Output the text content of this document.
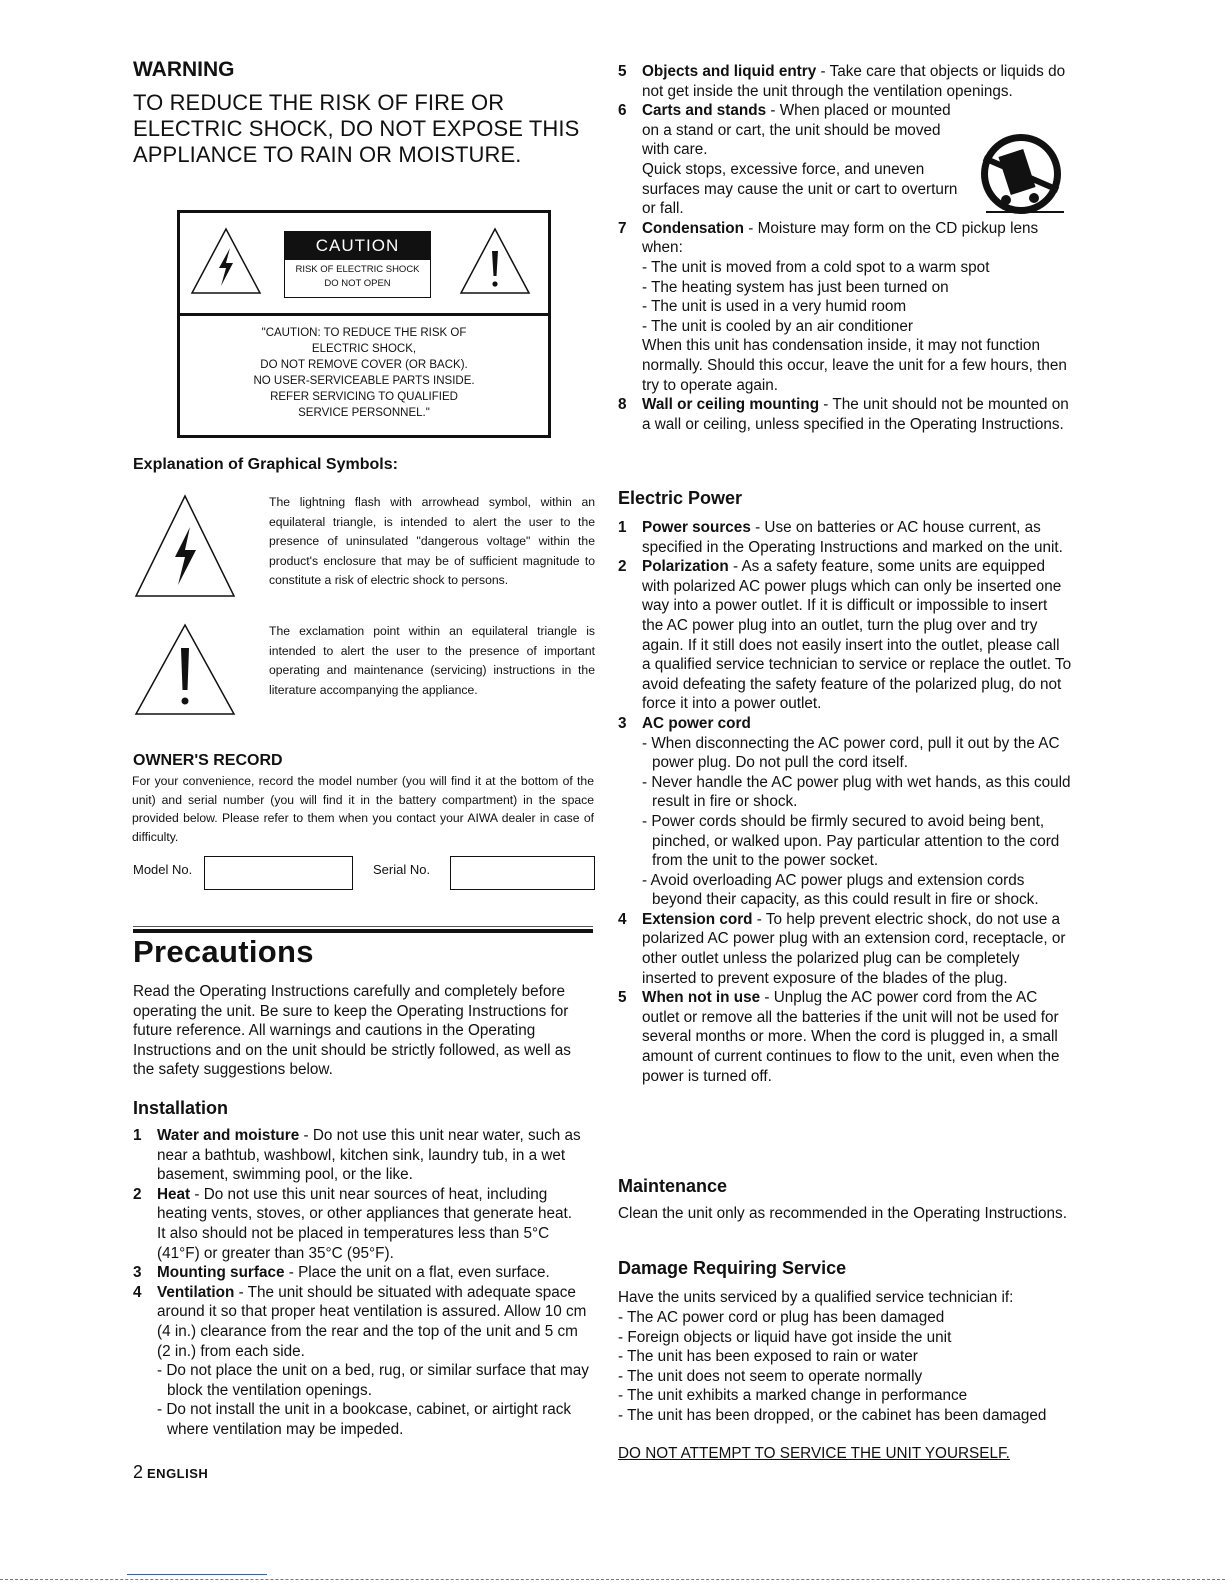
WARNING

TO REDUCE THE RISK OF FIRE OR
ELECTRIC SHOCK, DO NOT EXPOSE THIS
APPLIANCE TO RAIN OR MOISTURE.

CAUTION
RISK OF ELECTRIC SHOCK
DO NOT OPEN
"CAUTION: TO REDUCE THE RISK OF
ELECTRIC SHOCK,
DO NOT REMOVE COVER (OR BACK).
NO USER-SERVICEABLE PARTS INSIDE.
REFER SERVICING TO QUALIFIED
SERVICE PERSONNEL."
Explanation of Graphical Symbols:
The lightning flash with arrowhead symbol, within an equilateral triangle, is intended to alert the user to the presence of uninsulated "dangerous voltage" within the product's enclosure that may be of sufficient magnitude to constitute a risk of electric shock to persons.
The exclamation point within an equilateral triangle is intended to alert the user to the presence of important operating and maintenance (servicing) instructions in the literature accompanying the appliance.
OWNER'S RECORD

For your convenience, record the model number (you will find it at the bottom of the unit) and serial number (you will find it in the battery compartment) in the space provided below. Please refer to them when you contact your AIWA dealer in case of difficulty.

Model No.	Serial No.
Precautions

Read the Operating Instructions carefully and completely before operating the unit. Be sure to keep the Operating Instructions for future reference. All warnings and cautions in the Operating Instructions and on the unit should be strictly followed, as well as the safety suggestions below.

Installation
1 Water and moisture - Do not use this unit near water, such as near a bathtub, washbowl, kitchen sink, laundry tub, in a wet basement, swimming pool, or the like.
2 Heat - Do not use this unit near sources of heat, including heating vents, stoves, or other appliances that generate heat.
It also should not be placed in temperatures less than 5°C (41°F) or greater than 35°C (95°F).
3 Mounting surface - Place the unit on a flat, even surface.
4 Ventilation - The unit should be situated with adequate space around it so that proper heat ventilation is assured. Allow 10 cm (4 in.) clearance from the rear and the top of the unit and 5 cm (2 in.) from each side.
- Do not place the unit on a bed, rug, or similar surface that may block the ventilation openings.
- Do not install the unit in a bookcase, cabinet, or airtight rack where ventilation may be impeded.
5 Objects and liquid entry - Take care that objects or liquids do not get inside the unit through the ventilation openings.
6 Carts and stands - When placed or mounted on a stand or cart, the unit should be moved with care.
Quick stops, excessive force, and uneven surfaces may cause the unit or cart to overturn or fall.
7 Condensation - Moisture may form on the CD pickup lens when:
- The unit is moved from a cold spot to a warm spot
- The heating system has just been turned on
- The unit is used in a very humid room
- The unit is cooled by an air conditioner
When this unit has condensation inside, it may not function normally. Should this occur, leave the unit for a few hours, then try to operate again.
8 Wall or ceiling mounting - The unit should not be mounted on a wall or ceiling, unless specified in the Operating Instructions.
Electric Power
1 Power sources - Use on batteries or AC house current, as specified in the Operating Instructions and marked on the unit.
2 Polarization - As a safety feature, some units are equipped with polarized AC power plugs which can only be inserted one way into a power outlet. If it is difficult or impossible to insert the AC power plug into an outlet, turn the plug over and try again. If it still does not easily insert into the outlet, please call a qualified service technician to service or replace the outlet. To avoid defeating the safety feature of the polarized plug, do not force it into a power outlet.
3 AC power cord
- When disconnecting the AC power cord, pull it out by the AC power plug. Do not pull the cord itself.
- Never handle the AC power plug with wet hands, as this could result in fire or shock.
- Power cords should be firmly secured to avoid being bent, pinched, or walked upon. Pay particular attention to the cord from the unit to the power socket.
- Avoid overloading AC power plugs and extension cords beyond their capacity, as this could result in fire or shock.
4 Extension cord - To help prevent electric shock, do not use a polarized AC power plug with an extension cord, receptacle, or other outlet unless the polarized plug can be completely inserted to prevent exposure of the blades of the plug.
5 When not in use - Unplug the AC power cord from the AC outlet or remove all the batteries if the unit will not be used for several months or more. When the cord is plugged in, a small amount of current continues to flow to the unit, even when the power is turned off.
Maintenance

Clean the unit only as recommended in the Operating Instructions.

Damage Requiring Service

Have the units serviced by a qualified service technician if:

- The AC power cord or plug has been damaged
- Foreign objects or liquid have got inside the unit
- The unit has been exposed to rain or water
- The unit does not seem to operate normally
- The unit exhibits a marked change in performance
- The unit has been dropped, or the cabinet has been damaged

DO NOT ATTEMPT TO SERVICE THE UNIT YOURSELF.

2 ENGLISH
